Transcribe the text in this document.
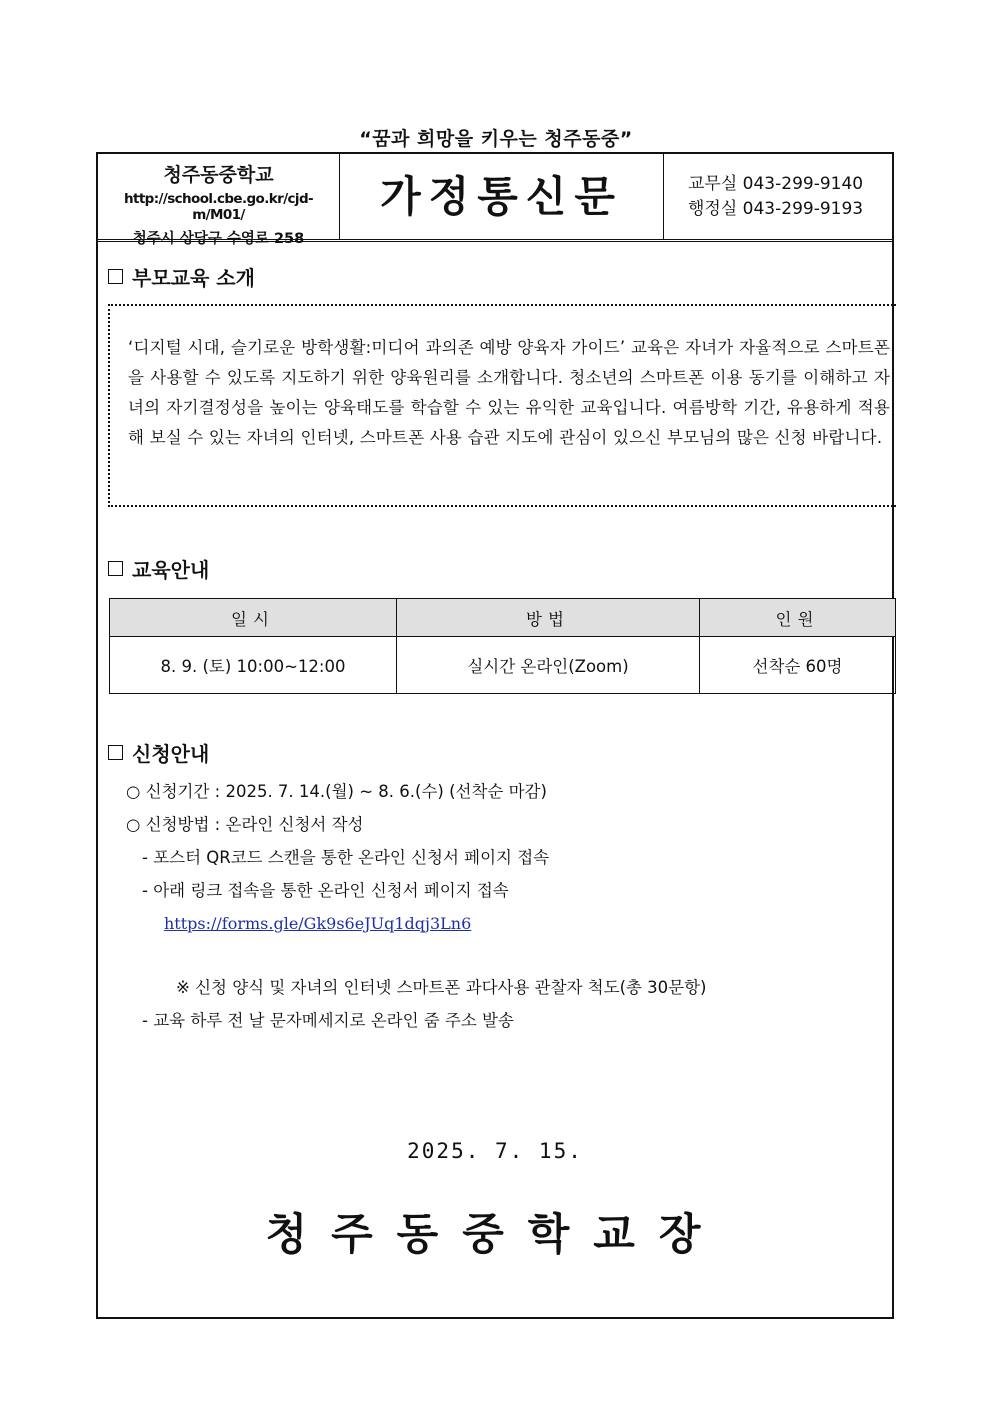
“꿈과 희망을 키우는 청주동중”
청주동중학교
http://school.cbe.go.kr/cjd-m/M01/
청주시 상당구 수영로 258
가정통신문	교무실 043-299-9140
행정실 043-299-9193
부모교육 소개
‘디지털 시대, 슬기로운 방학생활:미디어 과의존 예방 양육자 가이드’ 교육은 자녀가 자율적으로 스마트폰을 사용할 수 있도록 지도하기 위한 양육원리를 소개합니다. 청소년의 스마트폰 이용 동기를 이해하고 자녀의 자기결정성을 높이는 양육태도를 학습할 수 있는 유익한 교육입니다. 여름방학 기간, 유용하게 적용해 보실 수 있는 자녀의 인터넷, 스마트폰 사용 습관 지도에 관심이 있으신 부모님의 많은 신청 바랍니다.
교육안내
일시	방법	인원
8. 9. (토) 10:00~12:00	실시간 온라인(Zoom)	선착순 60명
신청안내
○ 신청기간 : 2025. 7. 14.(월) ~ 8. 6.(수) (선착순 마감)
○ 신청방법 : 온라인 신청서 작성
- 포스터 QR코드 스캔을 통한 온라인 신청서 페이지 접속
- 아래 링크 접속을 통한 온라인 신청서 페이지 접속
https://forms.gle/Gk9s6eJUq1dqj3Ln6
※ 신청 양식 및 자녀의 인터넷 스마트폰 과다사용 관찰자 척도(총 30문항)
- 교육 하루 전 날 문자메세지로 온라인 줌 주소 발송
2025. 7. 15.
청주동중학교장
